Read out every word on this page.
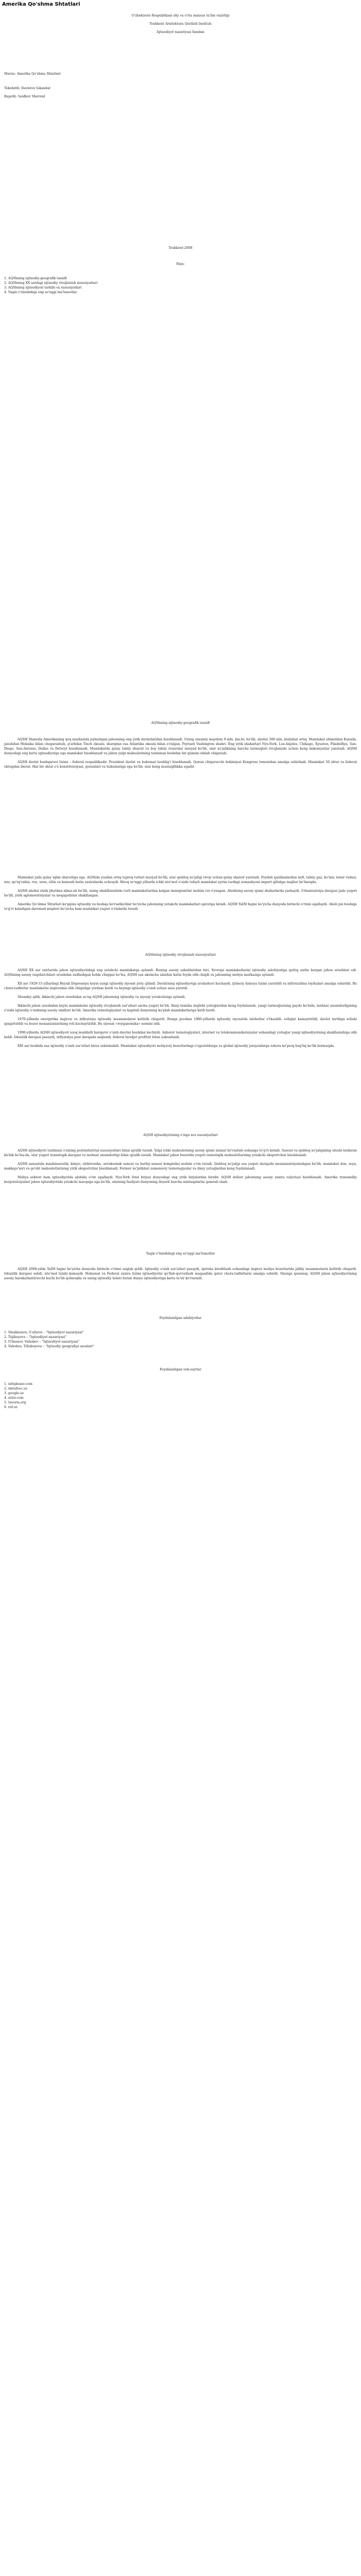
Amerika Qo'shma Shtatlari
O'zbekiston Respublikasi oliy va o'rta maxsus ta'lim vazirligi
Toshkent Arxitektura Qurilish Instituti
Iqtisodiyot nazariyasi fanidan
Mavzu: Amerika Qo'shma Shtatlari
Tekshirdi: Davletov Iskandar
Bajardi: Saidkov Sherzod
Toshkent-2008
Reja:
1. AQShning iqtisodiy-geografik tasnifi
2. AQShning XX asrdagi iqtisodiy rivojlanish xususiyatlari
3. AQShning iqtisodiyoti tarkibi va xususiyatlari
4. Yaqin o'tmishdagi eng so'nggi ma'lumotlar
AQShning iqtisodiy-geografik tasnifi

AQSH Shimoliy Amerikaning qoq markazida joylashgan jahonning eng yirik davlatlaridan hisoblanadi. Uning umumiy maydoni 9 mln. km.kv. bo'lib, aholisi 300 mln. kishidan ortiq. Mamlakat shimoldan Kanada, janubdan Meksika bilan chegaradosh, g'arbdan Tinch okeani, sharqdan esa Atlantika okeani bilan o'ralgan. Poytaxti Vashington shahri. Eng yirik shaharlari Nyu-York, Los-Anjeles, Chikago, Xyuston, Filadelfiya, San-Diego, San-Antonio, Dallas va Detroyt hisoblanadi. Mamlakatda qulay tabiiy sharoit va boy tabiiy resurslar mavjud bo'lib, ular xo'jalikning barcha tarmoqlari rivojlanishi uchun keng imkoniyatlar yaratadi. AQSH dunyodagi eng katta iqtisodiyotga ega mamlakat hisoblanadi va jahon yalpi mahsulotining taxminan beshdan bir qismini ishlab chiqaradi.

AQSH davlat boshqaruvi tizimi – federal respublikadir. Prezident davlat va hukumat boshlig'i hisoblanadi. Qonun chiqaruvchi hokimiyat Kongress tomonidan amalga oshiriladi. Mamlakat 50 shtat va federal okrugdan iborat. Har bir shtat o'z konstitutsiyasi, qonunlari va hukumatiga ega bo'lib, ular keng mustaqillikka egadir.

Mamlakat juda qulay iqlim sharoitiga ega. AQShda yuzdan ortiq tuproq turlari mavjud bo'lib, ular qishloq xo'jaligi rivoji uchun qulay sharoit yaratadi. Foydali qazilmalardan neft, tabiiy gaz, ko'mir, temir rudasi, mis, qo'rg'oshin, rux, uran, oltin va kumush katta zaxiralarda uchraydi. Biroq so'nggi yillarda ichki iste'mol o'sishi tufayli mamlakat ayrim turdagi xomashyoni import qilishga majbur bo'lmoqda.

AQSH aholisi etnik jihatdan xilma-xil bo'lib, uning shakllanishida turli mamlakatlardan kelgan immigrantlar muhim rol o'ynagan. Aholining asosiy qismi shaharlarda yashaydi. Urbanizatsiya darajasi juda yuqori bo'lib, yirik aglomeratsiyalar va megapolislar shakllangan.

Amerika Qo'shma Shtatlari ko'pgina iqtisodiy va boshqa ko'rsatkichlar bo'yicha jahonning yetakchi mamlakatlari qatoriga kiradi. AQSH YaIM hajmi bo'yicha dunyoda birinchi o'rinni egallaydi. Aholi jon boshiga to'g'ri keladigan daromad miqdori bo'yicha ham mamlakat yuqori o'rinlarda turadi.

AQShning iqtisodiy rivojlanish xususiyatlari

AQSH XX asr oxirlarida jahon iqtisodiyotidagi eng yetakchi mamlakatga aylandi. Buning asosiy sabablaridan biri, Yevropa mamlakatlarini iqtisodiy salohiyatiga qattiq zarba bergan jahon urushlari edi. AQShning asosiy raqobatchilari urushdan zaiflashgan holda chiqqan bo'lsa, AQSH esa aksincha ulardan katta foyda olib chiqdi va jahonning moliya markaziga aylandi.

XX asr 1929-33 yillardagi Buyuk Depressiya keyin yangi iqtisodiy siyosat joriy qilindi. Davlatning iqtisodiyotga aralashuvi kuchaydi, ijtimoiy himoya tizimi yaratildi va infratuzilma loyihalari amalga oshirildi. Bu chora-tadbirlar mamlakatni inqirozdan olib chiqishga yordam berdi va keyingi iqtisodiy o'sish uchun asos yaratdi.

Shunday qilib, ikkinchi jahon urushidan so'ng AQSH jahonning iqtisodiy va siyosiy yetakchisiga aylandi.

Ikkinchi jahon urushidan keyin mamlakatni iqtisodiy rivojlanish sur'atlari ancha yuqori bo'ldi. Ilmiy-texnika inqilobi yutuqlaridan keng foydalanish, yangi tarmoqlarning paydo bo'lishi, mehnat unumdorligining o'sishi iqtisodiy o'sishning asosiy omillari bo'ldi. Amerika texnologiyalari va kapitali dunyoning ko'plab mamlakatlariga kirib bordi.

1970-yillarda energetika inqirozi va inflyatsiya iqtisodiy muammolarni keltirib chiqardi. Bunga javoban 1980-yillarda iqtisodiy siyosatda islohotlar o'tkazildi: soliqlar kamaytirildi, davlat tartibga solishi qisqartirildi va bozor mexanizmlarining roli kuchaytirildi. Bu siyosat «reyganomika» nomini oldi.

1990-yillarda AQSH iqtisodiyoti uzoq muddatli barqaror o'sish davrini boshdan kechirdi. Axborot texnologiyalari, internet va telekommunikatsiyalar sohasidagi yutuqlar yangi iqtisodiyotning shakllanishiga olib keldi. Ishsizlik darajasi pasaydi, inflyatsiya past darajada saqlandi, federal byudjet profitsit bilan yakunlandi.

XXI asr boshida esa iqtisodiy o'sish sur'atlari biroz sekinlashdi. Mamlakat iqtisodiyoti moliyaviy bozorlardagi o'zgarishlarga va global iqtisodiy jarayonlarga tobora ko'proq bog'liq bo'lib bormoqda.

AQSH iqtisodiyotining o'ziga xos xususiyatlari

AQSH iqtisodiyoti tuzilmasi o'zining postindustrial xususiyatlari bilan ajralib turadi. Yalpi ichki mahsulotning asosiy qismi xizmat ko'rsatish sohasiga to'g'ri keladi. Sanoat va qishloq xo'jaligining ulushi nisbatan kichik bo'lsa-da, ular yuqori texnologik darajasi va mehnat unumdorligi bilan ajralib turadi. Mamlakat jahon bozorida yuqori texnologik mahsulotlarning yetakchi eksportchisi hisoblanadi.

AQSH sanoatida mashinasozlik, kimyo, elektronika, aerokosmik sanoat va harbiy-sanoat kompleksi muhim o'rin tutadi. Qishloq xo'jaligi esa yuqori darajada mexanizatsiyalashgan bo'lib, mamlakat don, soya, makkajo'xori va go'sht mahsulotlarining yirik eksportchisi hisoblanadi. Fermer xo'jaliklari zamonaviy texnologiyalar va ilmiy yutuqlardan keng foydalanadi.

Moliya sektori ham iqtisodiyotda alohida o'rin egallaydi. Nyu-York fond birjasi dunyodagi eng yirik birjalardan biridir. AQSH dollari jahonning asosiy zaxira valyutasi hisoblanadi. Amerika transmilliy korporatsiyalari jahon iqtisodiyotida yetakchi mavqega ega bo'lib, ularning faoliyati dunyoning deyarli barcha mintaqalarini qamrab oladi.

Yaqin o'tmishdagi eng so'nggi ma'lumotlar

AQSH 2008-yilda YaIM hajmi bo'yicha dunyoda birinchi o'rinni saqlab qoldi. Iqtisodiy o'sish sur'atlari pasaydi, ipoteka kreditlash sohasidagi inqiroz moliya bozorlarida jiddiy muammolarni keltirib chiqardi. Ishsizlik darajasi oshdi, iste'mol talabi kamaydi. Hukumat va Federal zaxira tizimi iqtisodiyotni qo'llab-quvvatlash maqsadida qator chora-tadbirlarni amalga oshirdi. Shunga qaramay, AQSH jahon iqtisodiyotining asosiy harakatlantiruvchi kuchi bo'lib qolmoqda va uning iqtisodiy holati butun dunyo iqtisodiyotiga katta ta'sir ko'rsatadi.

Foydalanilgan adabiyotlar
1. Shodmonov, G'afurov – "Iqtisodiyot nazariyasi"
2. Tojiboyeva – "Iqtisodiyot nazariyasi"
3. O'lmasov, Vahobov – "Iqtisodiyot nazariyasi"
4. Vahobov, Tillaboyeva – "Iqtisodiy geografiya asoslari"
Foydalanilgan veb-saytlar
1. infoplease.com
2. nbrufeec.us
3. google.uz
4. arxiv.com
5. tavoria.org
6. ref.uz
